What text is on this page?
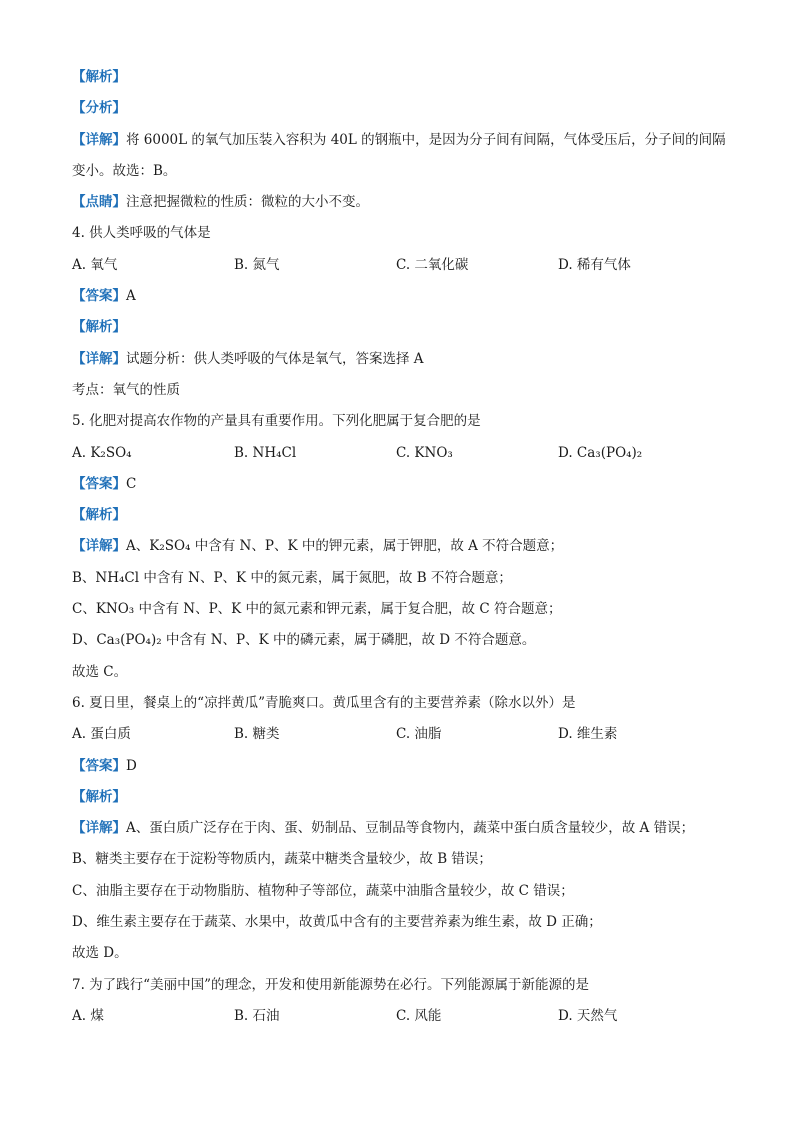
【解析】
【分析】
【详解】将 6000L 的氧气加压装入容积为 40L 的钢瓶中，是因为分子间有间隔，气体受压后，分子间的间隔变小。故选：B。
【点睛】注意把握微粒的性质：微粒的大小不变。
4. 供人类呼吸的气体是
A. 氧气	B. 氮气	C. 二氧化碳	D. 稀有气体
【答案】A
【解析】
【详解】试题分析：供人类呼吸的气体是氧气，答案选择 A
考点：氧气的性质
5. 化肥对提高农作物的产量具有重要作用。下列化肥属于复合肥的是
A. K₂SO₄	B. NH₄Cl	C. KNO₃	D. Ca₃(PO₄)₂
【答案】C
【解析】
【详解】A、K₂SO₄ 中含有 N、P、K 中的钾元素，属于钾肥，故 A 不符合题意；
B、NH₄Cl 中含有 N、P、K 中的氮元素，属于氮肥，故 B 不符合题意；
C、KNO₃ 中含有 N、P、K 中的氮元素和钾元素，属于复合肥，故 C 符合题意；
D、Ca₃(PO₄)₂ 中含有 N、P、K 中的磷元素，属于磷肥，故 D 不符合题意。
故选 C。
6. 夏日里，餐桌上的“凉拌黄瓜”青脆爽口。黄瓜里含有的主要营养素（除水以外）是
A. 蛋白质	B. 糖类	C. 油脂	D. 维生素
【答案】D
【解析】
【详解】A、蛋白质广泛存在于肉、蛋、奶制品、豆制品等食物内，蔬菜中蛋白质含量较少，故 A 错误；
B、糖类主要存在于淀粉等物质内，蔬菜中糖类含量较少，故 B 错误；
C、油脂主要存在于动物脂肪、植物种子等部位，蔬菜中油脂含量较少，故 C 错误；
D、维生素主要存在于蔬菜、水果中，故黄瓜中含有的主要营养素为维生素，故 D 正确；
故选 D。
7. 为了践行“美丽中国”的理念，开发和使用新能源势在必行。下列能源属于新能源的是
A. 煤	B. 石油	C. 风能	D. 天然气
